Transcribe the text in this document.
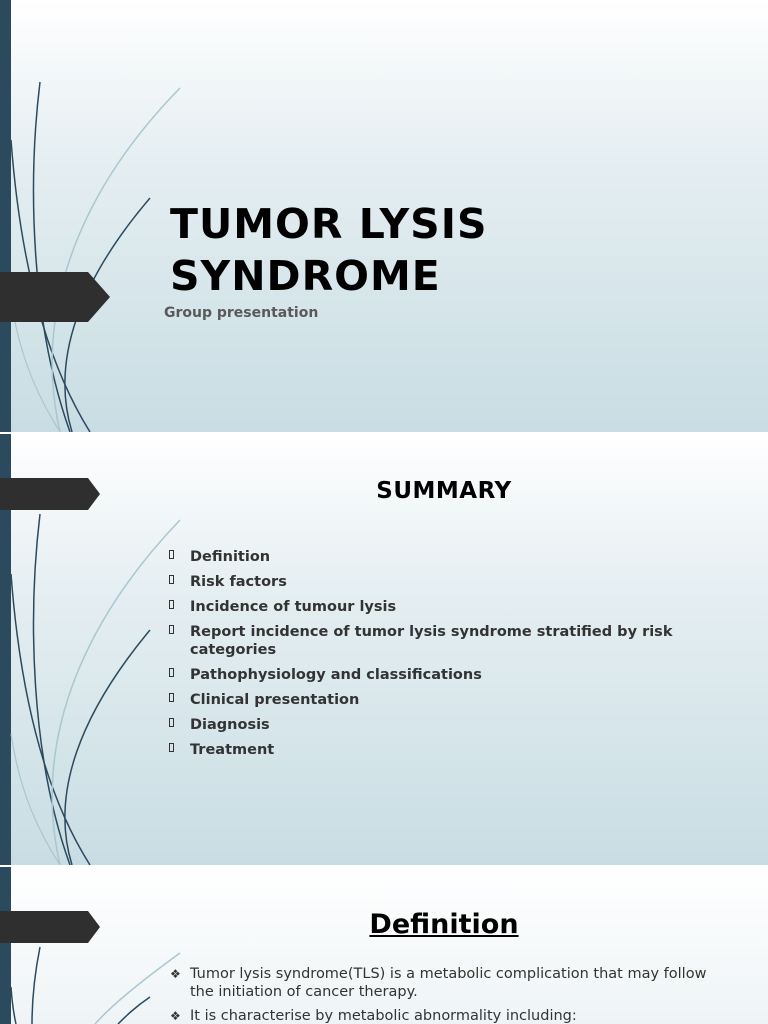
TUMOR LYSIS
SYNDROME
Group presentation
SUMMARY
Definition
Risk factors
Incidence of tumour lysis
Report incidence of tumor lysis syndrome stratified by risk categories
Pathophysiology and classifications
Clinical presentation
Diagnosis
Treatment
Definition
❖ Tumor lysis syndrome(TLS) is a metabolic complication that may follow the initiation of cancer therapy.
❖ It is characterise by metabolic abnormality including:
